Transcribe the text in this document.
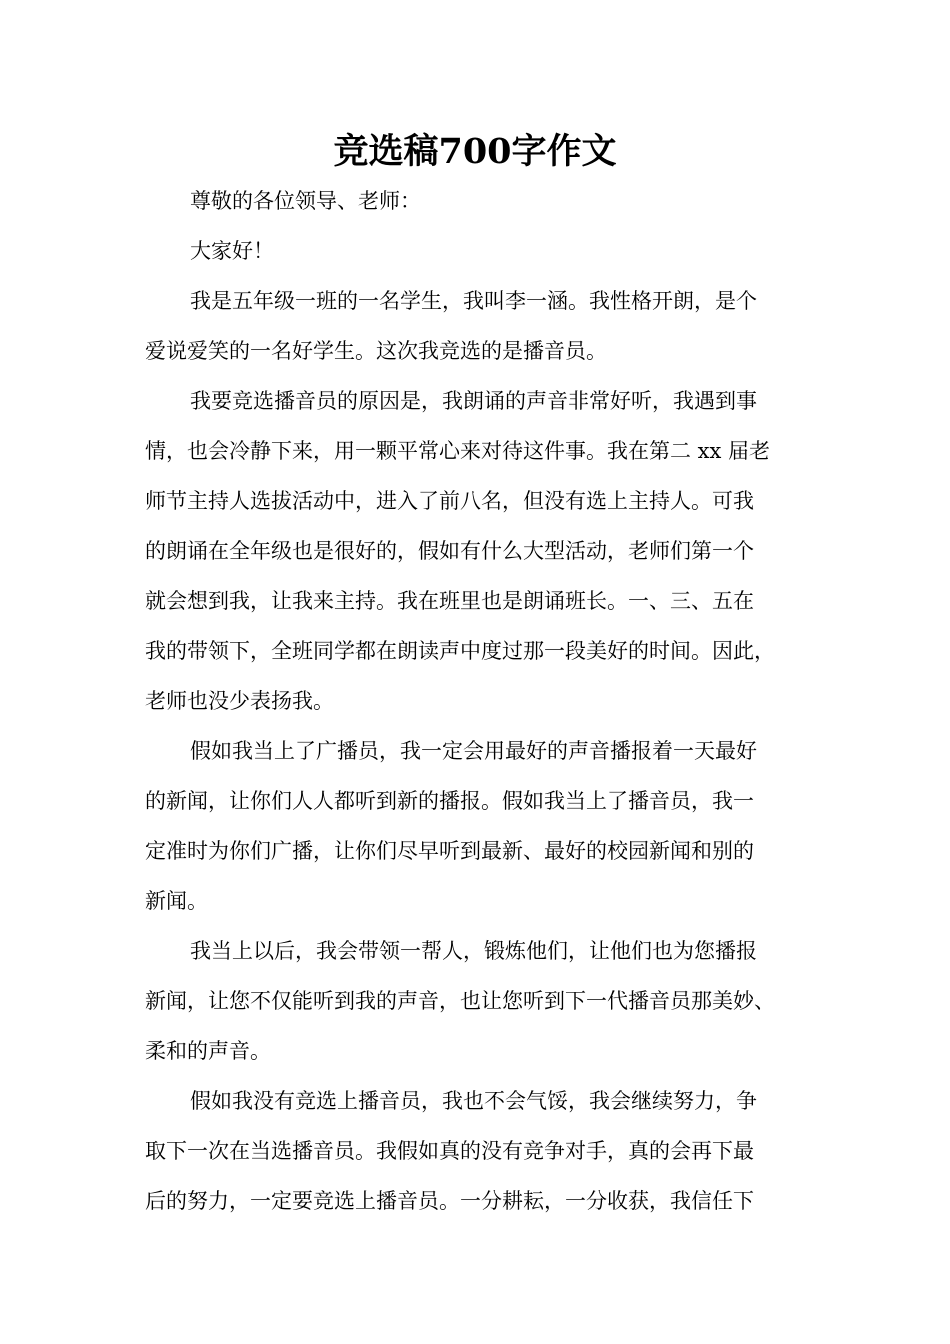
竞选稿700字作文
尊敬的各位领导、老师：
大家好！
我是五年级一班的一名学生，我叫李一涵。我性格开朗，是个
爱说爱笑的一名好学生。这次我竞选的是播音员。
我要竞选播音员的原因是，我朗诵的声音非常好听，我遇到事
情，也会冷静下来，用一颗平常心来对待这件事。我在第二 xx 届老
师节主持人选拔活动中，进入了前八名，但没有选上主持人。可我
的朗诵在全年级也是很好的，假如有什么大型活动，老师们第一个
就会想到我，让我来主持。我在班里也是朗诵班长。一、三、五在
我的带领下，全班同学都在朗读声中度过那一段美好的时间。因此，
老师也没少表扬我。
假如我当上了广播员，我一定会用最好的声音播报着一天最好
的新闻，让你们人人都听到新的播报。假如我当上了播音员，我一
定准时为你们广播，让你们尽早听到最新、最好的校园新闻和别的
新闻。
我当上以后，我会带领一帮人，锻炼他们，让他们也为您播报
新闻，让您不仅能听到我的声音，也让您听到下一代播音员那美妙、
柔和的声音。
假如我没有竞选上播音员，我也不会气馁，我会继续努力，争
取下一次在当选播音员。我假如真的没有竞争对手，真的会再下最
后的努力，一定要竞选上播音员。一分耕耘，一分收获，我信任下
